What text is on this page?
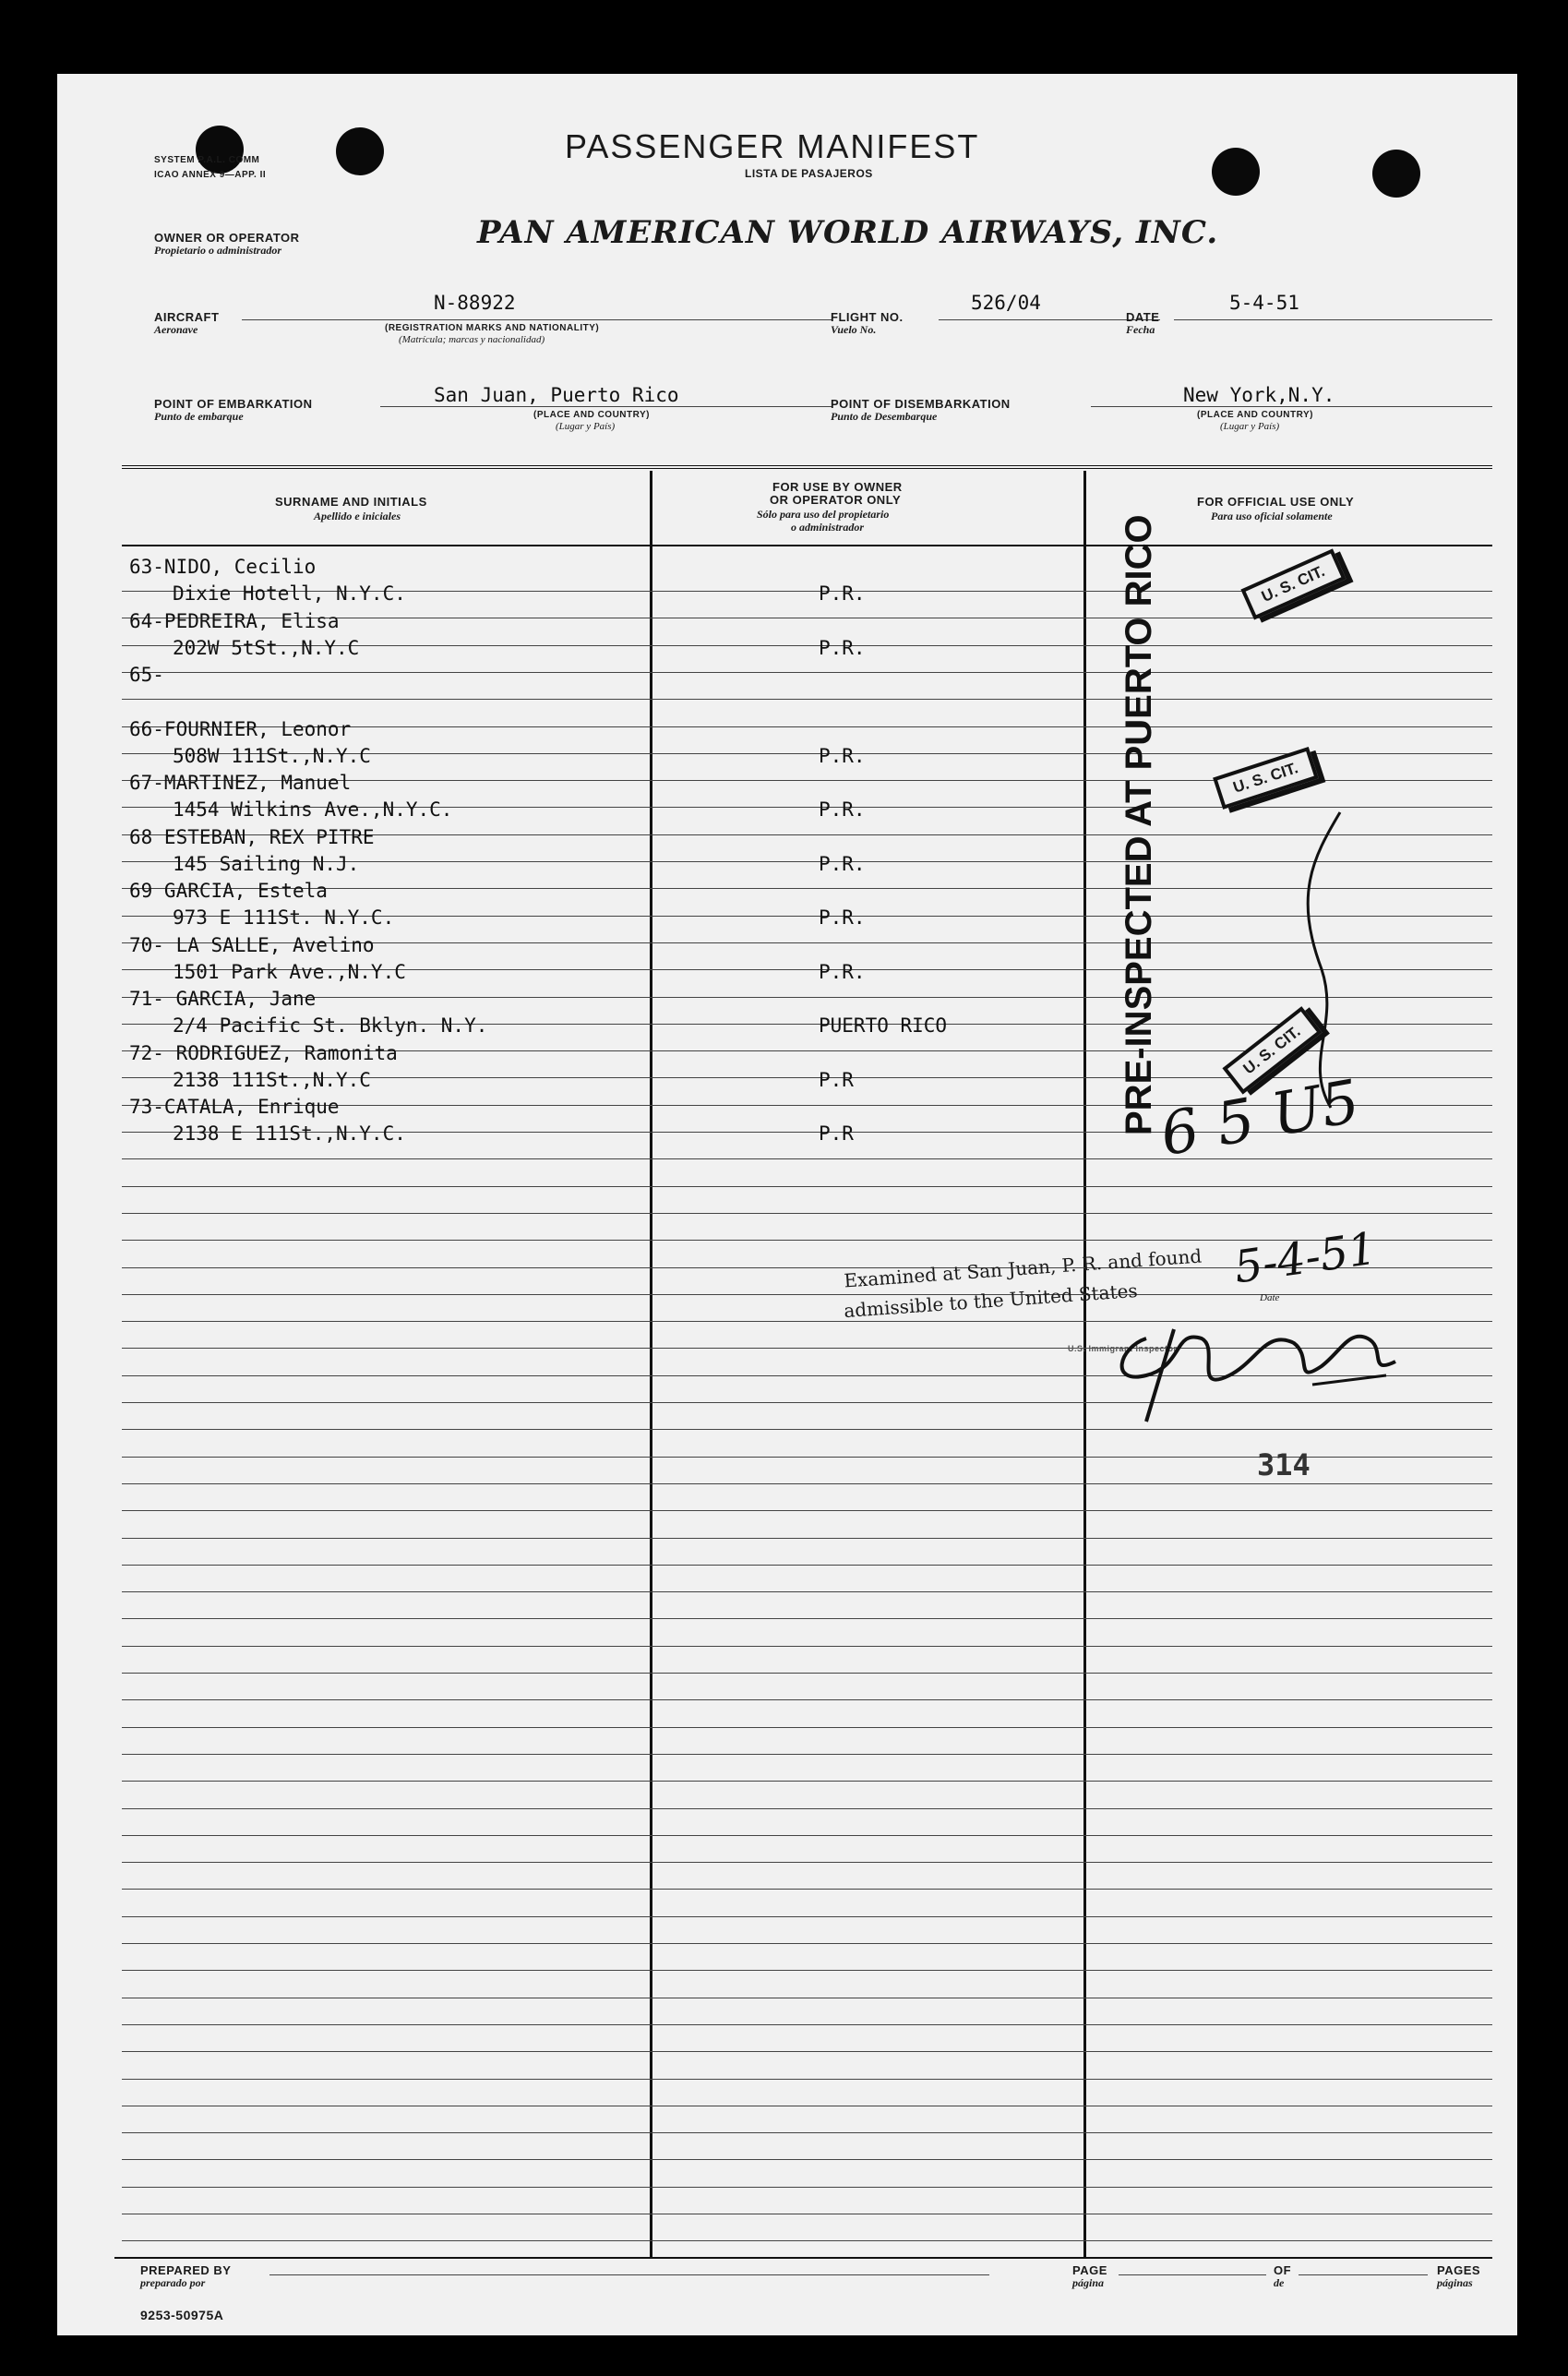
SYSTEM P.A.L. COMM
ICAO ANNEX 9—APP. II
PASSENGER MANIFEST
LISTA DE PASAJEROS
OWNER OR OPERATOR
Propietario o administrador	PAN AMERICAN WORLD AIRWAYS, INC.
AIRCRAFT
Aeronave
N-88922
(REGISTRATION MARKS AND NATIONALITY)
(Matrícula; marcas y nacionalidad)
FLIGHT NO.
Vuelo No.
526/04
DATE
Fecha
5-4-51
POINT OF EMBARKATION
Punto de embarque
San Juan, Puerto Rico
(PLACE AND COUNTRY)
(Lugar y País)
POINT OF DISEMBARKATION
Punto de Desembarque
New York,N.Y.
(PLACE AND COUNTRY)
(Lugar y País)
SURNAME AND INITIALS
Apellido e iniciales
FOR USE BY OWNER
OR OPERATOR ONLY
Sólo para uso del propietario
o administrador
FOR OFFICIAL USE ONLY
Para uso oficial solamente
63-NIDO, Cecilio
Dixie Hotell, N.Y.C.	P.R.
64-PEDREIRA, Elisa
202W 5tSt.,N.Y.C	P.R.
65-
66-FOURNIER, Leonor
508W 111St.,N.Y.C	P.R.
67-MARTINEZ, Manuel
1454 Wilkins Ave.,N.Y.C.	P.R.
68 ESTEBAN, REX PITRE
145 Sailing N.J.	P.R.
69 GARCIA, Estela
973 E 111St. N.Y.C.	P.R.
70- LA SALLE, Avelino
1501 Park Ave.,N.Y.C	P.R.
71- GARCIA, Jane
2/4 Pacific St. Bklyn. N.Y.	PUERTO RICO
72- RODRIGUEZ, Ramonita
2138 111St.,N.Y.C	P.R
73-CATALA, Enrique
2138 E 111St.,N.Y.C.	P.R	PRE-INSPECTED AT PUERTO RICO	U. S. CIT.
U. S. CIT.
U. S. CIT.
6 5 U5
Examined at San Juan, P. R. and found
admissible to the United States	Date
5-4-51
U.S. Immigrant Inspector
314
PREPARED BY
preparado por
PAGE
página
OF
de
PAGES
páginas
9253-50975A
